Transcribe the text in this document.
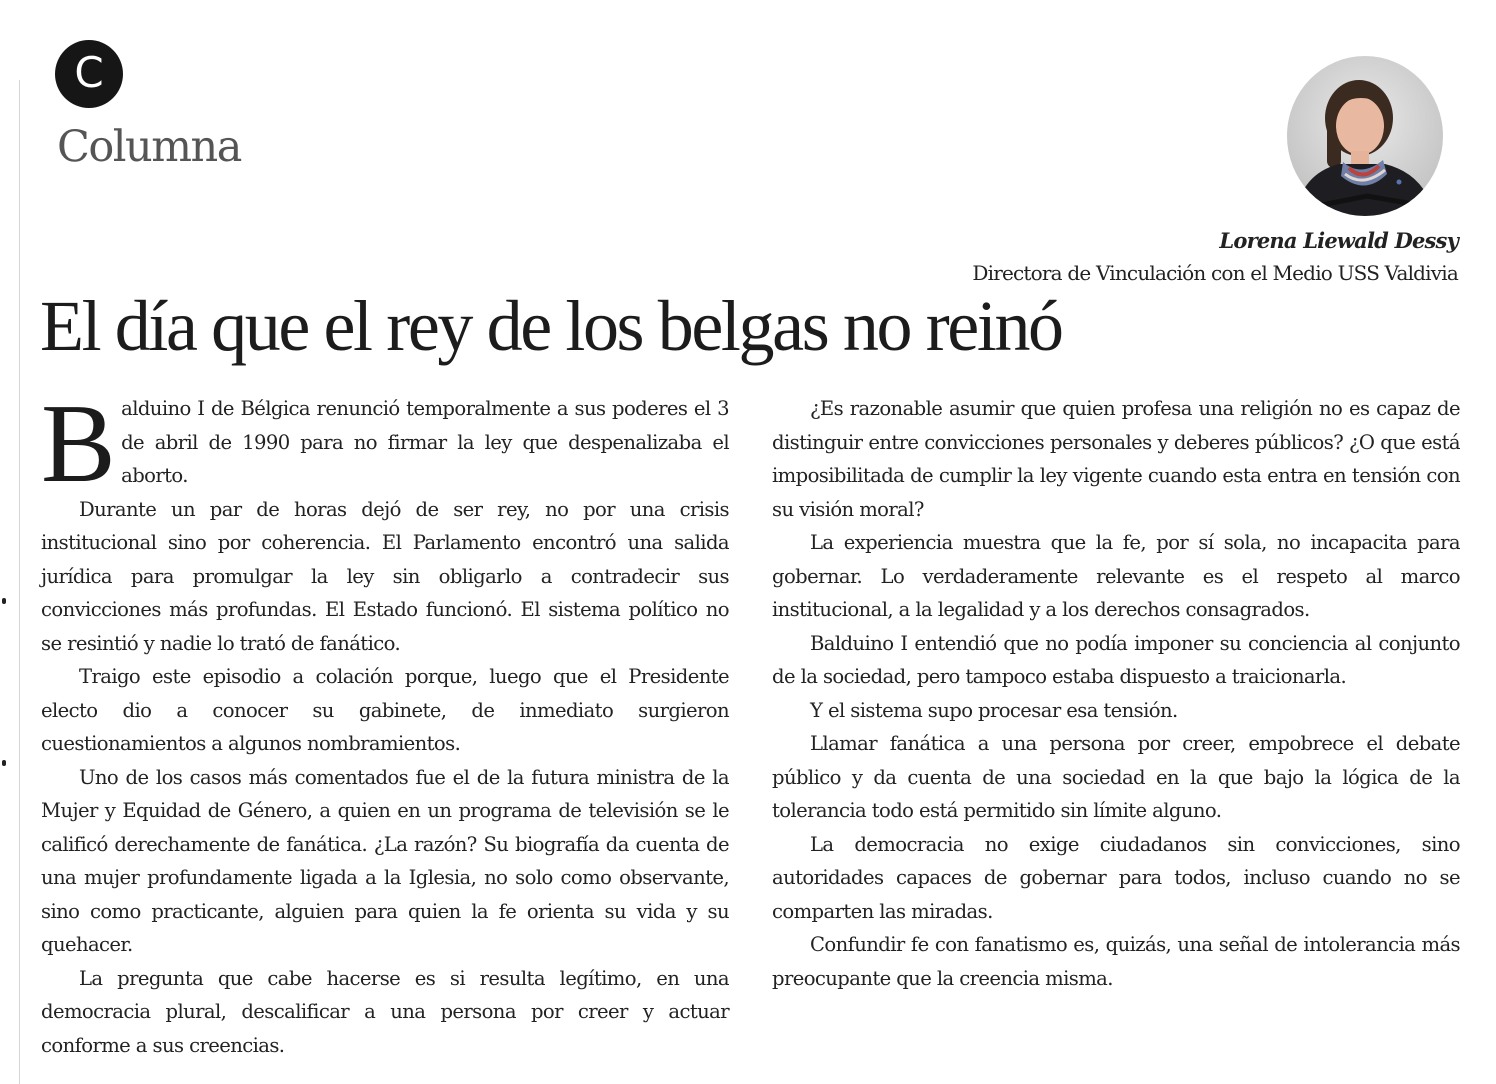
C
Columna
Lorena Liewald Dessy
Directora de Vinculación con el Medio USS Valdivia
El día que el rey de los belgas no reinó

Balduino I de Bélgica renunció temporalmente a sus poderes el 3 de abril de 1990 para no firmar la ley que despenalizaba el aborto.

Durante un par de horas dejó de ser rey, no por una crisis institucional sino por coherencia. El Parlamento encontró una salida jurídica para promulgar la ley sin obligarlo a contradecir sus convicciones más profundas. El Estado funcionó. El sistema político no se resintió y nadie lo trató de fanático.

Traigo este episodio a colación porque, luego que el Presidente electo dio a conocer su gabinete, de inmediato surgieron cuestionamientos a algunos nombramientos.

Uno de los casos más comentados fue el de la futura ministra de la Mujer y Equidad de Género, a quien en un programa de televisión se le calificó derechamente de fanática. ¿La razón? Su biografía da cuenta de una mujer profundamente ligada a la Iglesia, no solo como observante, sino como practicante, alguien para quien la fe orienta su vida y su quehacer.

La pregunta que cabe hacerse es si resulta legítimo, en una democracia plural, descalificar a una persona por creer y actuar conforme a sus creencias.

¿Es razonable asumir que quien profesa una religión no es capaz de distinguir entre convicciones personales y deberes públicos? ¿O que está imposibilitada de cumplir la ley vigente cuando esta entra en tensión con su visión moral?

La experiencia muestra que la fe, por sí sola, no incapacita para gobernar. Lo verdaderamente relevante es el respeto al marco institucional, a la legalidad y a los derechos consagrados.

Balduino I entendió que no podía imponer su conciencia al conjunto de la sociedad, pero tampoco estaba dispuesto a traicionarla.

Y el sistema supo procesar esa tensión.

Llamar fanática a una persona por creer, empobrece el debate público y da cuenta de una sociedad en la que bajo la lógica de la tolerancia todo está permitido sin límite alguno.

La democracia no exige ciudadanos sin convicciones, sino autoridades capaces de gobernar para todos, incluso cuando no se comparten las miradas.

Confundir fe con fanatismo es, quizás, una señal de intolerancia más preocupante que la creencia misma.
